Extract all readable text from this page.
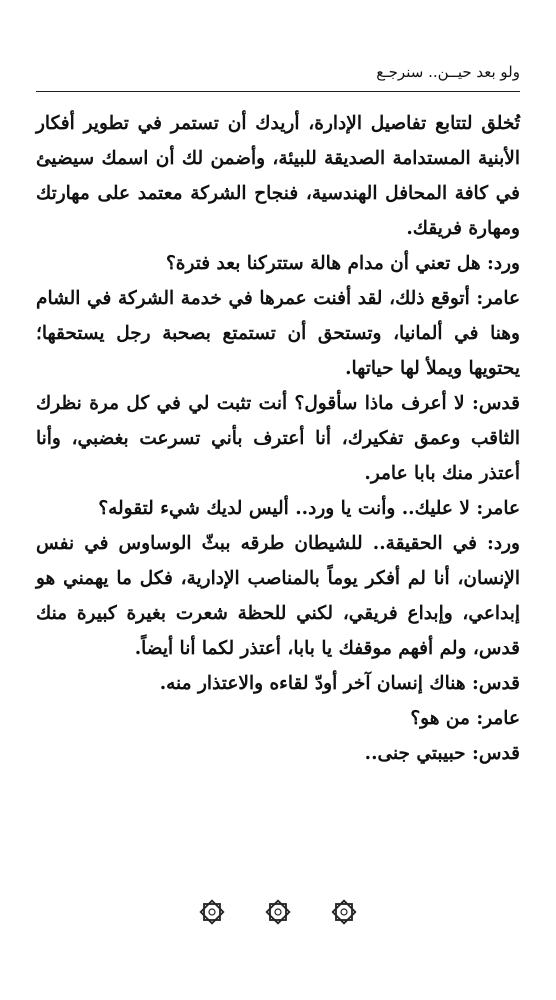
ولو بعد حيــن.. سنرجـع

تُخلق لتتابع تفاصيل الإدارة، أريدك أن تستمر في تطوير أفكار الأبنية المستدامة الصديقة للبيئة، وأضمن لك أن اسمك سيضيئ في كافة المحافل الهندسية، فنجاح الشركة معتمد على مهارتك ومهارة فريقك.

ورد: هل تعني أن مدام هالة ستتركنا بعد فترة؟

عامر: أتوقع ذلك، لقد أفنت عمرها في خدمة الشركة في الشام وهنا في ألمانيا، وتستحق أن تستمتع بصحبة رجل يستحقها؛ يحتويها ويملأ لها حياتها.

قدس: لا أعرف ماذا سأقول؟ أنت تثبت لي في كل مرة نظرك الثاقب وعمق تفكيرك، أنا أعترف بأني تسرعت بغضبي، وأنا أعتذر منك بابا عامر.

عامر: لا عليك.. وأنت يا ورد.. أليس لديك شيء لتقوله؟

ورد: في الحقيقة.. للشيطان طرقه ببثّ الوساوس في نفس الإنسان، أنا لم أفكر يوماً بالمناصب الإدارية، فكل ما يهمني هو إبداعي، وإبداع فريقي، لكني للحظة شعرت بغيرة كبيرة منك قدس، ولم أفهم موقفك يا بابا، أعتذر لكما أنا أيضاً.

قدس: هناك إنسان آخر أودّ لقاءه والاعتذار منه.

عامر: من هو؟

قدس: حبيبتي جنى..
